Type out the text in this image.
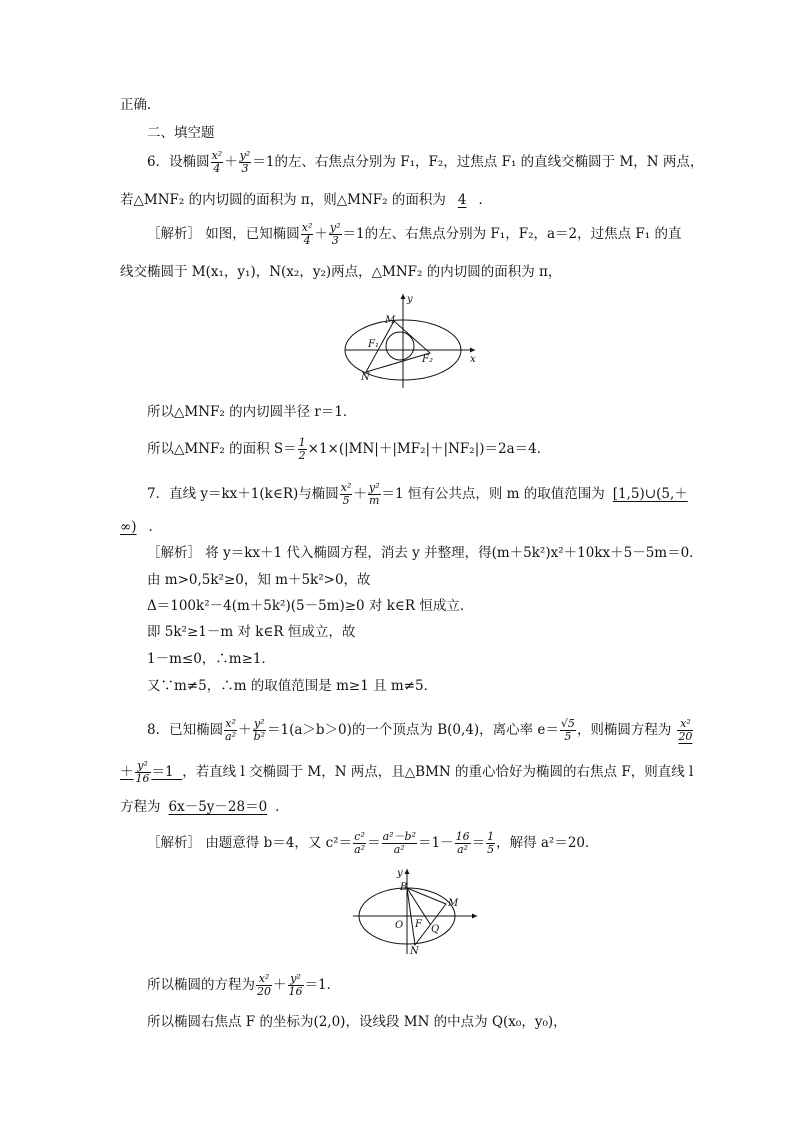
正确．
二、填空题
6．设椭圆 $\frac{\text{x²}}{4} + \frac{\text{y²}}{3} =1$的左、右焦点分别为 F₁，F₂，过焦点 F₁ 的直线交椭圆于 M，N 两点，
若△MNF₂ 的内切圆的面积为 π，则△MNF₂ 的面积为 4 ．
［解析］ 如图，已知椭圆 $\frac{\text{x²}}{4} + \frac{\text{y²}}{3} =1$的左、右焦点分别为 F₁，F₂，a＝2，过焦点 F₁ 的直
线交椭圆于 M(x₁，y₁)，N(x₂，y₂)两点，△MNF₂ 的内切圆的面积为 π，
y
x
M
N
F₁
F₂
所以△MNF₂ 的内切圆半径 r＝1．
所以△MNF₂ 的面积 $S= \frac{1}{2} \times 1\times(|MN|+|MF_2|+|NF_2|)=2a=4$．
7．直线 y＝kx＋1(k∈R)与椭圆 $\frac{\text{x²}}{5} + \frac{\text{y²}}{m} =1$ 恒有公共点，则 m 的取值范围为 [1,5)∪(5,＋
∞) ．
［解析］ 将 y＝kx＋1 代入椭圆方程，消去 y 并整理，得(m＋5k²)x²＋10kx＋5－5m＝0．
由 m>0,5k²≥0，知 m＋5k²>0，故
Δ＝100k²－4(m＋5k²)(5－5m)≥0 对 k∈R 恒成立．
即 5k²≥1－m 对 k∈R 恒成立，故
1－m≤0，∴m≥1．
又∵m≠5，∴m 的取值范围是 m≥1 且 m≠5．
8．已知椭圆 $\frac{\text{x²}}{\text{a²}} + \frac{\text{y²}}{\text{b²}} =1(a>b>0)$的一个顶点为 B(0,4)，离心率 $e= \frac{√5}{5}$ ，则椭圆方程为 $\frac{\text{x²}}{20}$
＋ $\frac{\text{y²}}{16} =1$ ，若直线 l 交椭圆于 M，N 两点，且△BMN 的重心恰好为椭圆的右焦点 F，则直线 l
方程为 6x－5y－28＝0 ．
［解析］ 由题意得 b＝4，又 $c^2= \frac{\text{c²}}{\text{a²}} = \frac{\text{a²－b²}}{\text{a²}} =1- \frac{16}{\text{a²}} = \frac{1}{5}$ ，解得 a²＝20．
y
B
M
O F Q
N
所以椭圆的方程为 $\frac{\text{x²}}{20} + \frac{\text{y²}}{16} =1$．
所以椭圆右焦点 F 的坐标为(2,0)，设线段 MN 的中点为 Q(x₀，y₀)，
